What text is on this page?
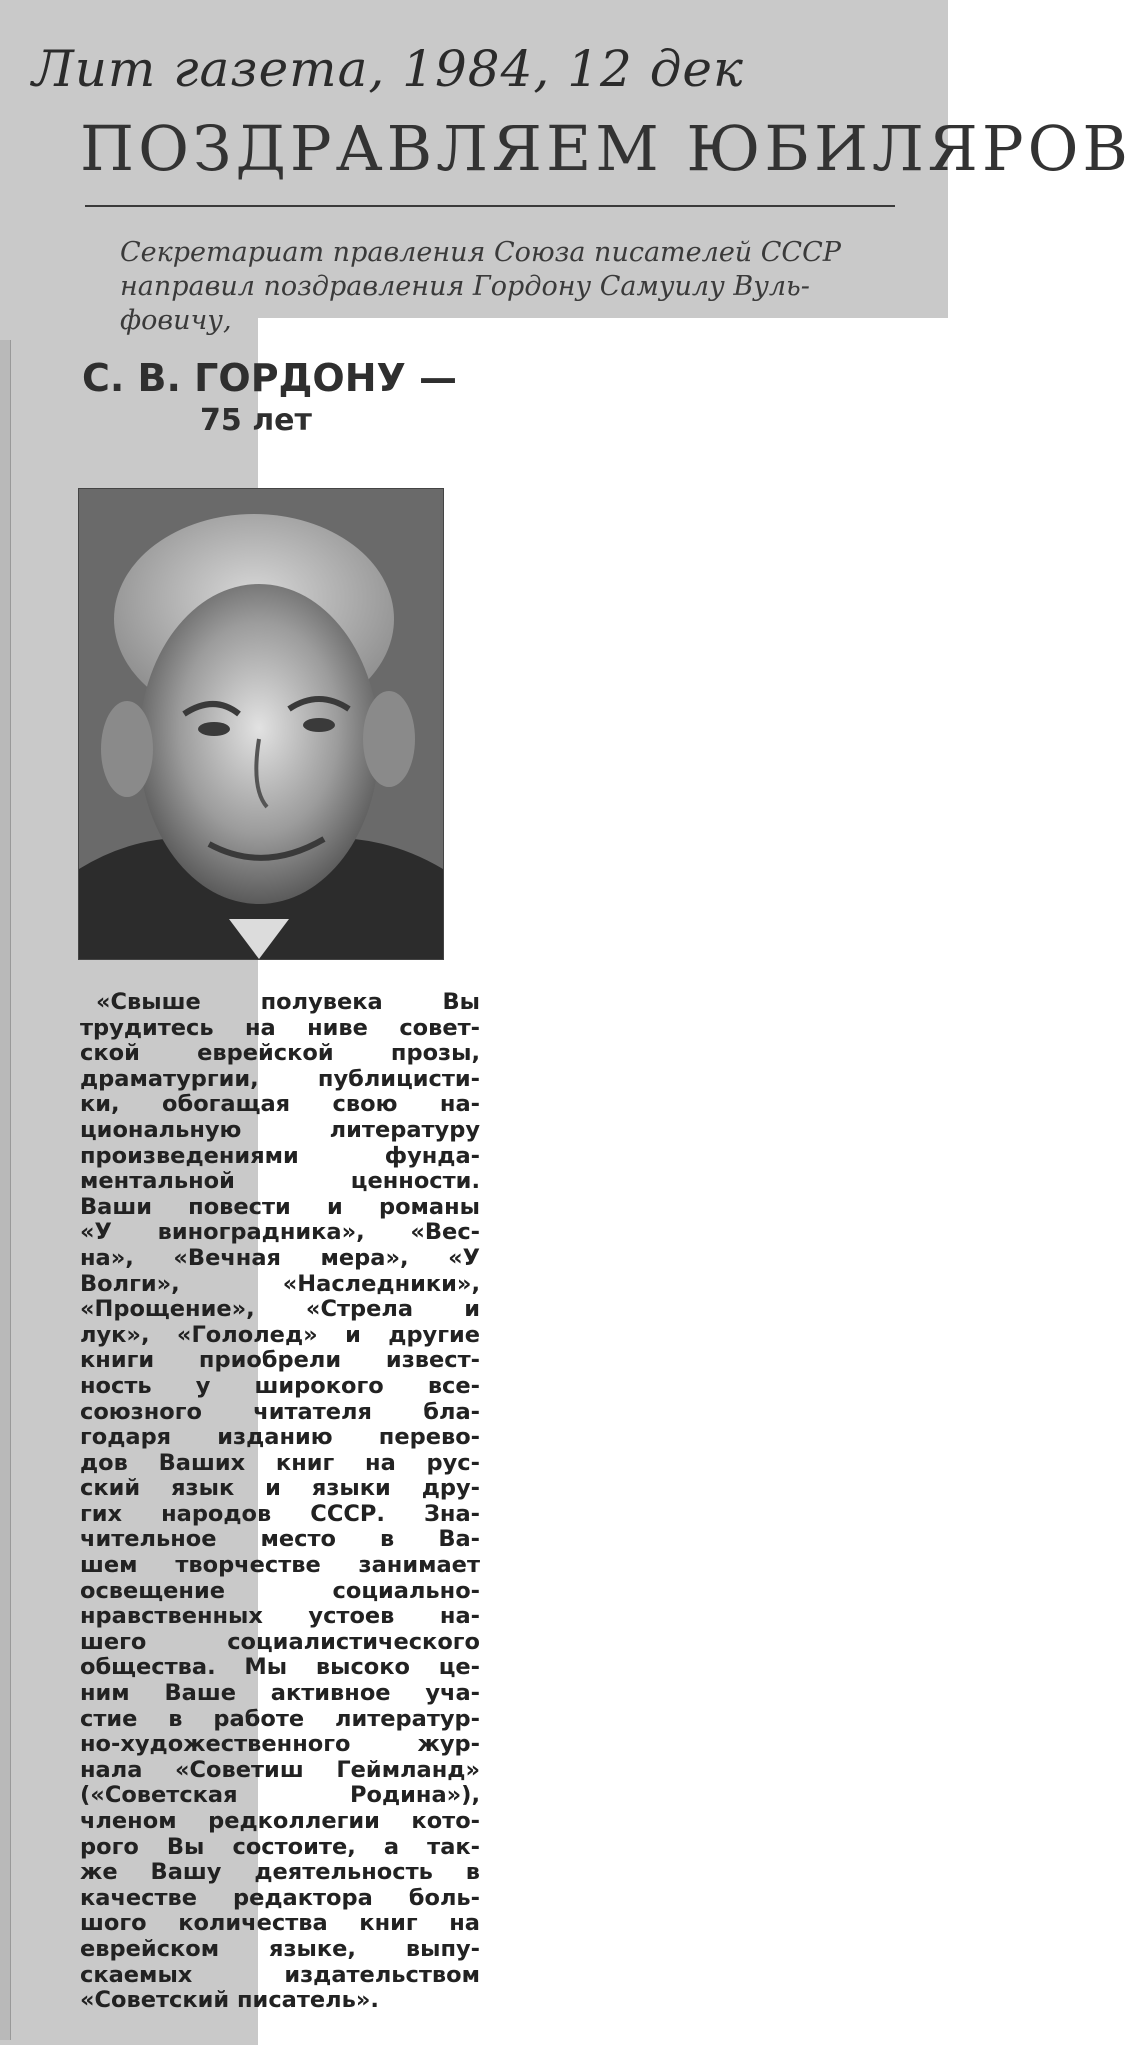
Лит газета, 1984, 12 дек
ПОЗДРАВЛЯЕМ ЮБИЛЯРОВ
Секретариат правления Союза писателей СССР
направил поздравления Гордону Самуилу Вуль-
фовичу,
С. В. ГОРДОНУ —
75 лет
«Свыше полувека Вы
трудитесь на ниве совет-
ской еврейской прозы,
драматургии, публицисти-
ки, обогащая свою на-
циональную литературу
произведениями фунда-
ментальной ценности.
Ваши повести и романы
«У виноградника», «Вес-
на», «Вечная мера», «У
Волги», «Наследники»,
«Прощение», «Стрела и
лук», «Гололед» и другие
книги приобрели извест-
ность у широкого все-
союзного читателя бла-
годаря изданию перево-
дов Ваших книг на рус-
ский язык и языки дру-
гих народов СССР. Зна-
чительное место в Ва-
шем творчестве занимает
освещение социально-
нравственных устоев на-
шего социалистического
общества. Мы высоко це-
ним Ваше активное уча-
стие в работе литератур-
но-художественного жур-
нала «Советиш Геймланд»
(«Советская Родина»),
членом редколлегии кото-
рого Вы состоите, а так-
же Вашу деятельность в
качестве редактора боль-
шого количества книг на
еврейском языке, выпу-
скаемых издательством
«Советский писатель».
